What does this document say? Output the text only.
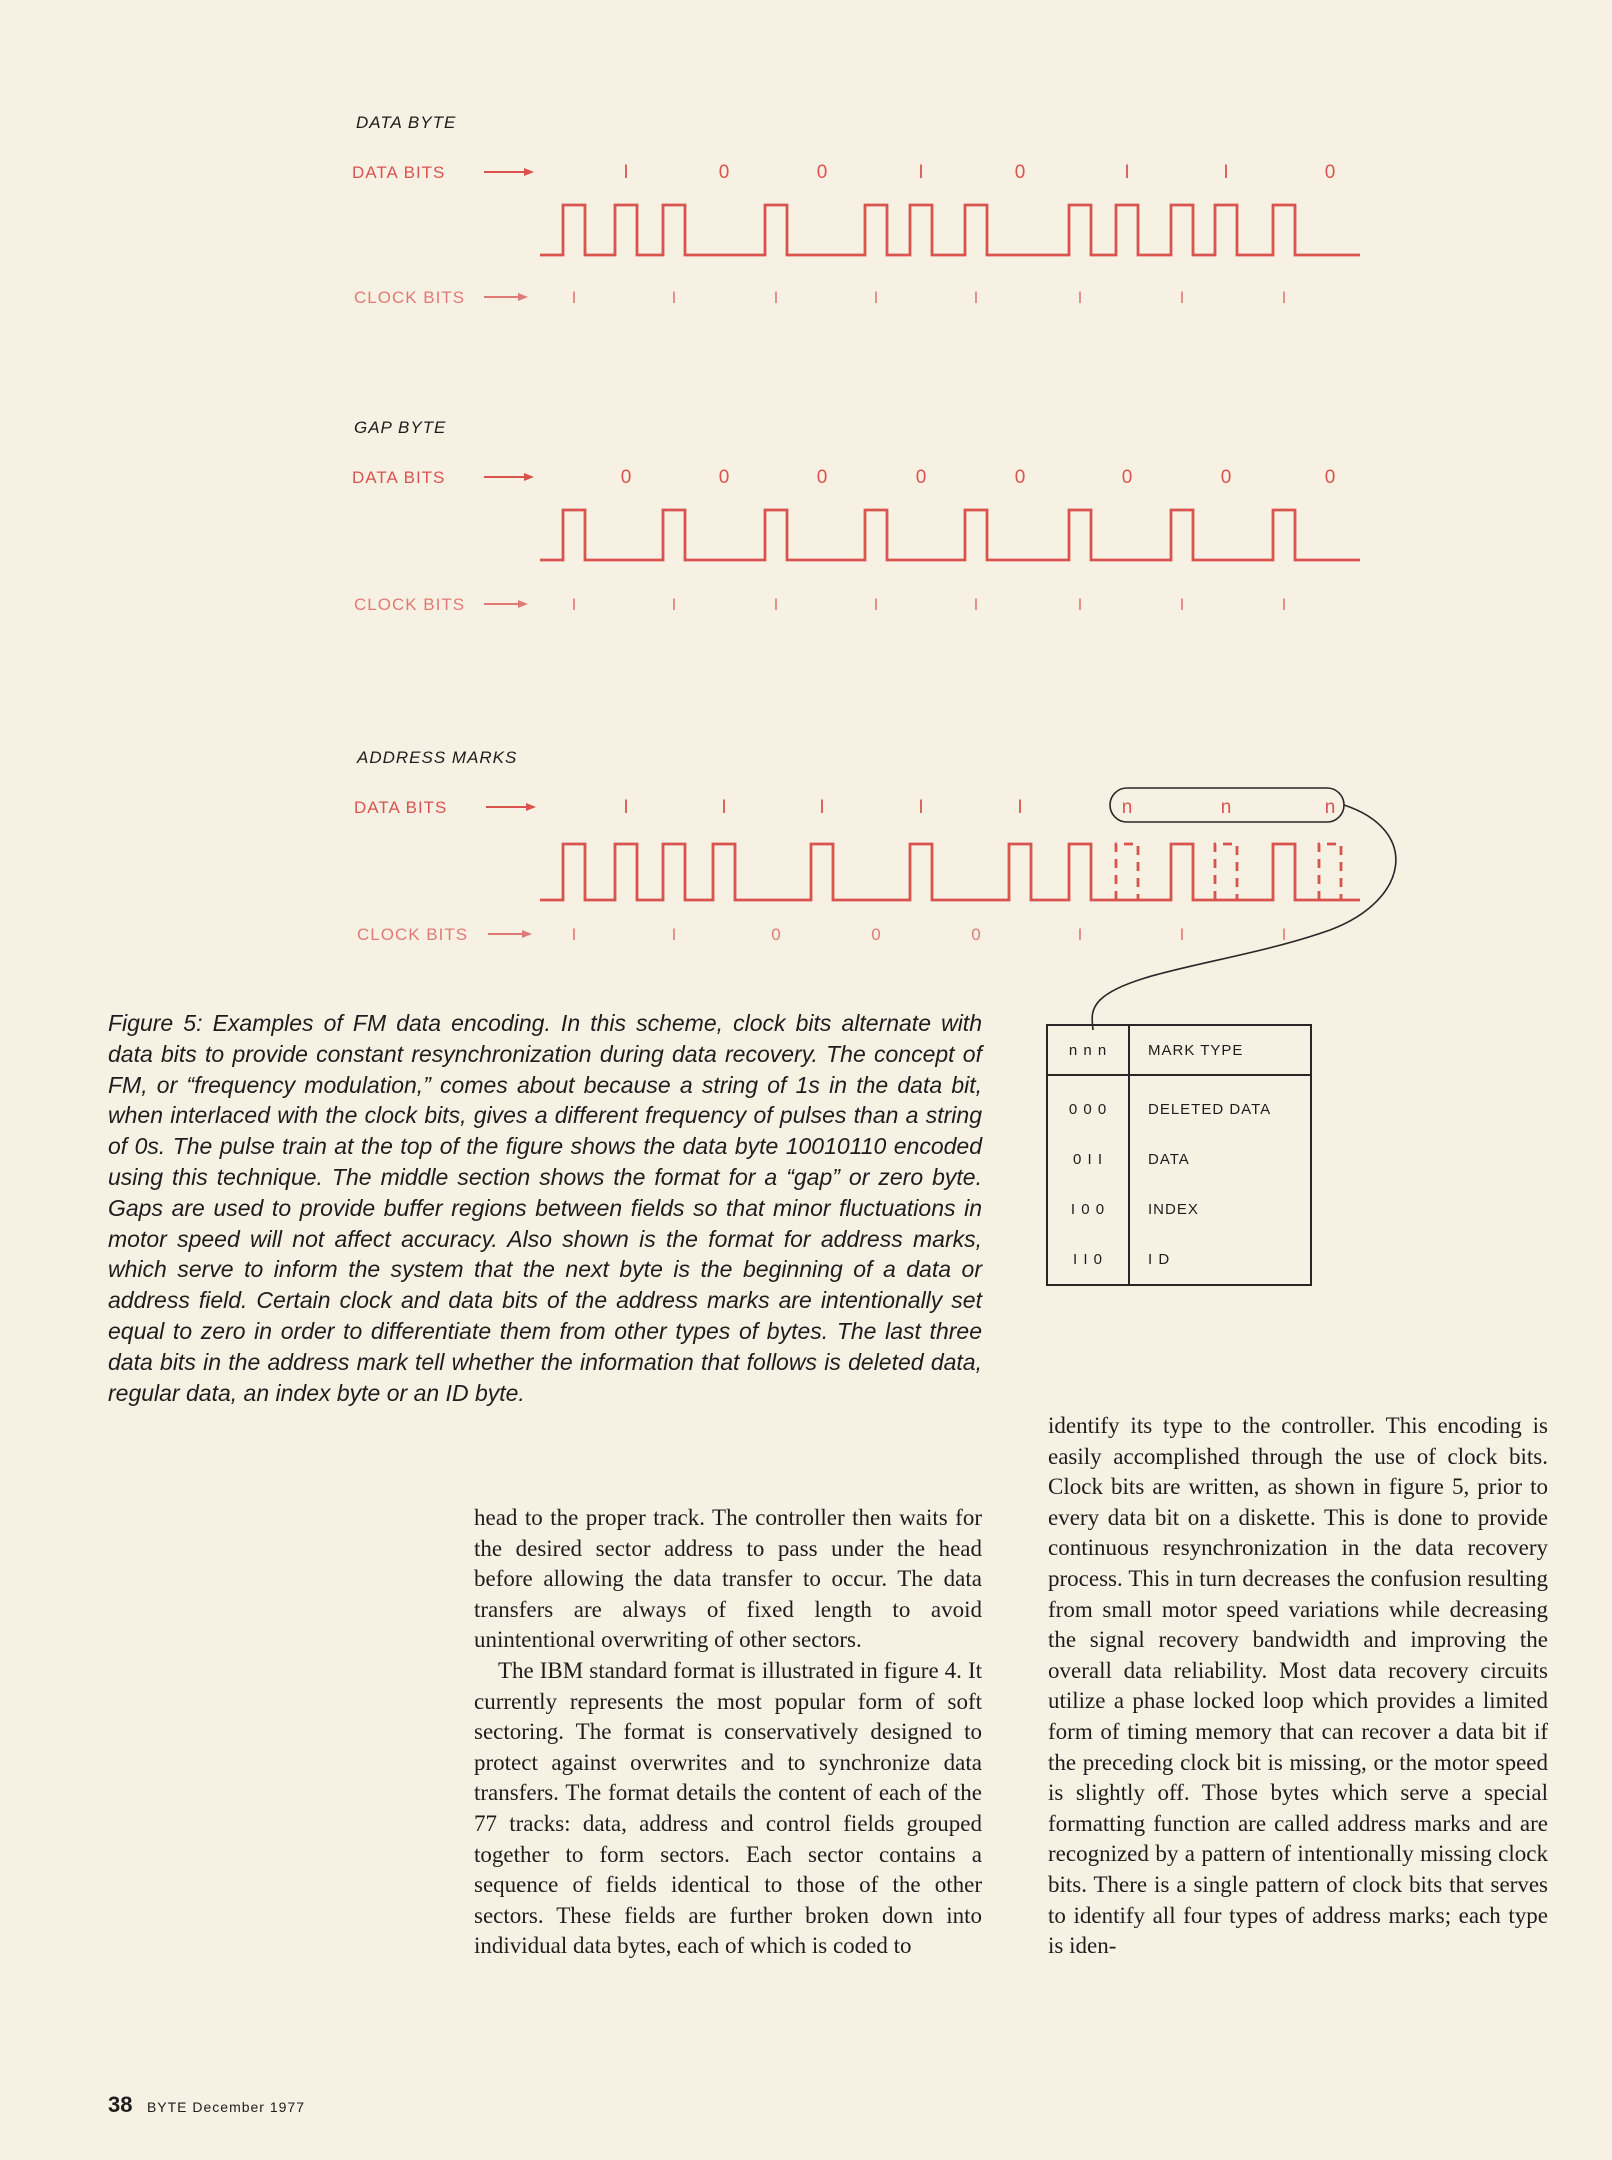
DATA BYTE
DATA BITS	I	0	0	I	0	I	I	0
CLOCK BITS	I	I	I	I	I	I	I	I
GAP BYTE
DATA BITS	0	0	0	0	0	0	0	0
CLOCK BITS	I	I	I	I	I	I	I	I
ADDRESS MARKS
DATA BITS	I	I	I	I	I	n	n	n
CLOCK BITS	I	I	0	0	0	I	I	I

Figure 5: Examples of FM data encoding. In this scheme, clock bits alternate with data bits to provide constant resynchronization during data recovery. The concept of FM, or “frequency modulation,” comes about because a string of 1s in the data bit, when interlaced with the clock bits, gives a different frequency of pulses than a string of 0s. The pulse train at the top of the figure shows the data byte 10010110 encoded using this technique. The middle section shows the format for a “gap” or zero byte. Gaps are used to provide buffer regions between fields so that minor fluctuations in motor speed will not affect accuracy. Also shown is the format for address marks, which serve to inform the system that the next byte is the beginning of a data or address field. Certain clock and data bits of the address marks are intentionally set equal to zero in order to differentiate them from other types of bytes. The last three data bits in the address mark tell whether the information that follows is deleted data, regular data, an index byte or an ID byte.

n n n	MARK TYPE
0 0 0	DELETED DATA
0 I I	DATA
I 0 0	INDEX
I I 0	I D

head to the proper track. The controller then waits for the desired sector address to pass under the head before allowing the data transfer to occur. The data transfers are always of fixed length to avoid unintentional overwriting of other sectors.

The IBM standard format is illustrated in figure 4. It currently represents the most popular form of soft sectoring. The format is conservatively designed to protect against overwrites and to synchronize data transfers. The format details the content of each of the 77 tracks: data, address and control fields grouped together to form sectors. Each sector contains a sequence of fields identical to those of the other sectors. These fields are further broken down into individual data bytes, each of which is coded to

identify its type to the controller. This encoding is easily accomplished through the use of clock bits. Clock bits are written, as shown in figure 5, prior to every data bit on a diskette. This is done to provide continuous resynchronization in the data recovery process. This in turn decreases the confusion resulting from small motor speed variations while decreasing the signal recovery bandwidth and improving the overall data reliability. Most data recovery circuits utilize a phase locked loop which provides a limited form of timing memory that can recover a data bit if the preceding clock bit is missing, or the motor speed is slightly off. Those bytes which serve a special formatting function are called address marks and are recognized by a pattern of intentionally missing clock bits. There is a single pattern of clock bits that serves to identify all four types of address marks; each type is iden-

38 BYTE December 1977
